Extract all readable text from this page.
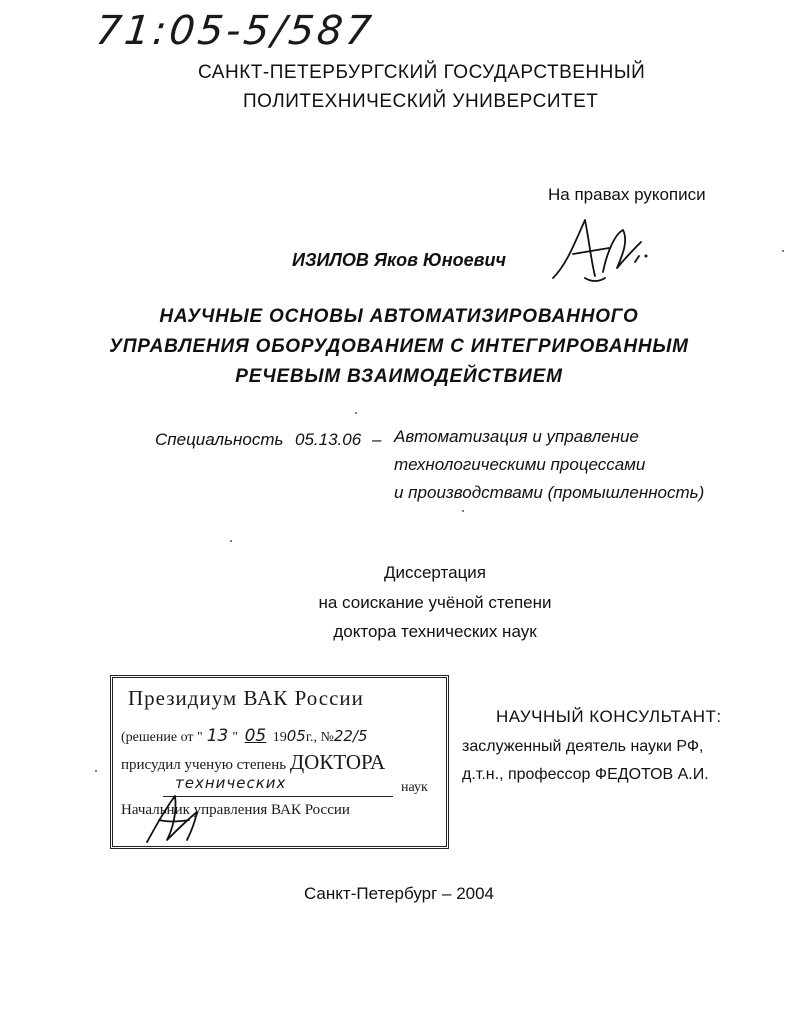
71:05-5/587
САНКТ-ПЕТЕРБУРГСКИЙ ГОСУДАРСТВЕННЫЙ
ПОЛИТЕХНИЧЕСКИЙ УНИВЕРСИТЕТ
На правах рукописи
ИЗИЛОВ Яков Юноевич
НАУЧНЫЕ ОСНОВЫ АВТОМАТИЗИРОВАННОГО
УПРАВЛЕНИЯ ОБОРУДОВАНИЕМ С ИНТЕГРИРОВАННЫМ
РЕЧЕВЫМ ВЗАИМОДЕЙСТВИЕМ
Специальность 05.13.06 – Автоматизация и управление
технологическими процессами
и производствами (промышленность)
Диссертация
на соискание учёной степени
доктора технических наук
Президиум ВАК России
(решение от " 13 " 05 1905г., №22/5
присудил ученую степень ДОКТОРА
технических	наук
Начальник управления ВАК России
НАУЧНЫЙ КОНСУЛЬТАНТ:
заслуженный деятель науки РФ,
д.т.н., профессор ФЕДОТОВ А.И.
Санкт-Петербург – 2004
